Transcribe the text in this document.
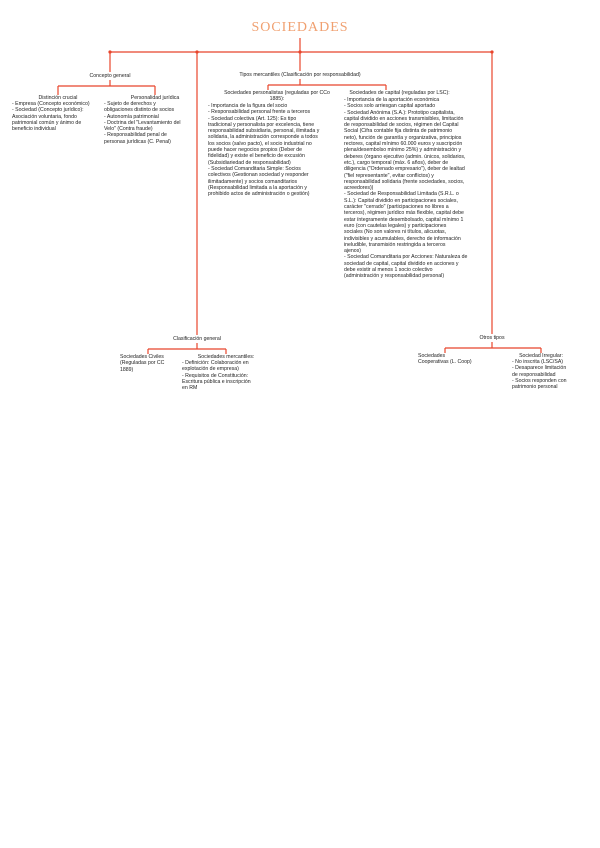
SOCIEDADES
Concepto general
Distinción crucial
- Empresa (Concepto económico)
- Sociedad (Concepto jurídico):
Asociación voluntaria, fondo
patrimonial común y ánimo de
beneficio individual
Personalidad jurídica
- Sujeto de derechos y
obligaciones distinto de socios
- Autonomía patrimonial
- Doctrina del "Levantamiento del
Velo" (Contra fraude)
- Responsabilidad penal de
personas jurídicas (C. Penal)
Tipos mercantiles (Clasificación por responsabilidad)
Sociedades personalistas (reguladas por CCo
1885):
- Importancia de la figura del socio
- Responsabilidad personal frente a terceros
- Sociedad colectiva (Art. 125): Es tipo
tradicional y personalista por excelencia, tiene
responsabilidad subsidiaria, personal, ilimitada y
solidaria, la administración corresponde a todos
los socios (salvo pacto), el socio industrial no
puede hacer negocios propios (Deber de
fidelidad) y existe el beneficio de excusión
(Subsidiariedad de responsabilidad)
- Sociedad Comanditaria Simple: Socios
colectivos (Gestionan sociedad y responder
ilimitadamente) y socios comanditarios
(Responsabilidad limitada a la aportación y
prohibido actos de administración o gestión)
Sociedades de capital (reguladas por LSC):
- Importancia de la aportación económica
- Socios solo arriesgan capital aportado
- Sociedad Anónima (S.A.): Prototipo capitalista,
capital dividido en acciones transmisibles, limitación
de responsabilidad de socios, régimen del Capital
Social (Cifra contable fija distinta de patrimonio
neto), función de garantía y organizativa, principios
rectores, capital mínimo 60.000 euros y suscripción
plena/desembolso mínimo 25%) y administración y
deberes (órgano ejecutivo (admin. únicos, solidarios,
etc.), cargo temporal (máx. 6 años), deber de
diligencia ("Ordenado empresario"), deber de lealtad
("fiel representante", evitar conflictos) y
responsabilidad solidaria (frente sociedades, socios,
acreedores))
- Sociedad de Responsabilidad Limitada (S.R.L. o
S.L.): Capital dividido en participaciones sociales,
carácter "cerrado" (participaciones no libres a
terceros), régimen jurídico más flexible, capital debe
estar íntegramente desembolsado, capital mínimo 1
euro (con cautelas legales) y participaciones
sociales (No son valores ni títulos, alicuotas,
indivisibles y acumulables, derecho de información
ineludible, transmisión restringida a terceros
ajenos)
- Sociedad Comanditaria por Acciones: Naturaleza de
sociedad de capital, capital dividido en acciones y
debe existir al menos 1 socio colectivo
(administración y responsabilidad personal)
Clasificación general
Sociedades Civiles
(Reguladas por CC
1889)
Sociedades mercantiles:
- Definición: Colaboración en
explotación de empresa)
- Requisitos de Constitución:
Escritura pública e inscripción
en RM
Otros tipos
Sociedades
Cooperativas (L. Coop)
Sociedad Irregular:
- No inscrita (LSC/SA)
- Desaparece limitación
de responsabilidad
- Socios responden con
patrimonio personal
